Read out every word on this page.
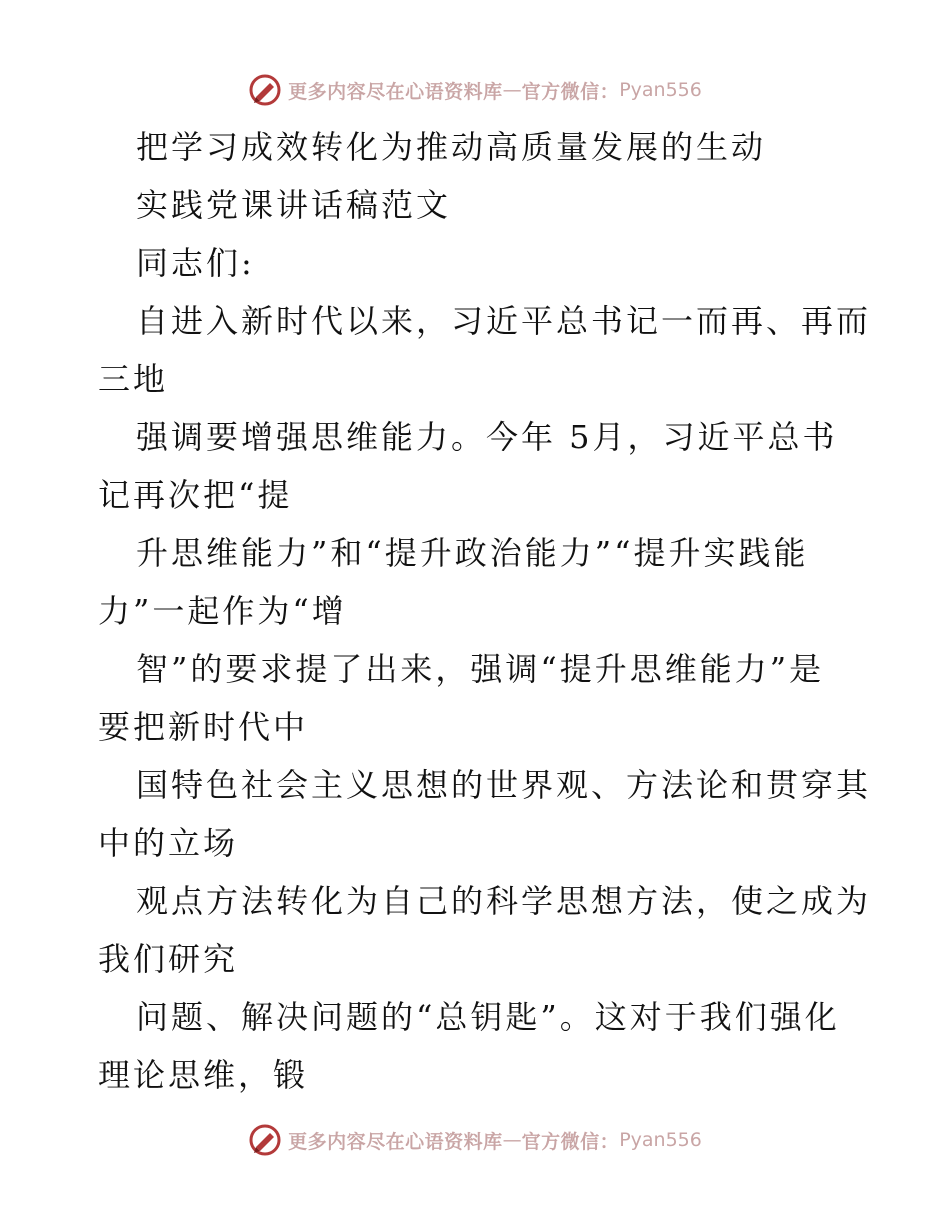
更多内容尽在心语资料库 — 官方微信： Pyan556
把学习成效转化为推动高质量发展的生动
实践党课讲话稿范文
同志们:
自进入新时代以来，习近平总书记一而再、再而
三地
强调要增强思维能力。今年 5月，习近平总书
记再次把“提
升思维能力”和“提升政治能力”“提升实践能
力”一起作为“增
智”的要求提了出来，强调“提升思维能力”是
要把新时代中
国特色社会主义思想的世界观、方法论和贯穿其
中的立场
观点方法转化为自己的科学思想方法，使之成为
我们研究
问题、解决问题的“总钥匙”。这对于我们强化
理论思维，锻
更多内容尽在心语资料库 — 官方微信： Pyan556
